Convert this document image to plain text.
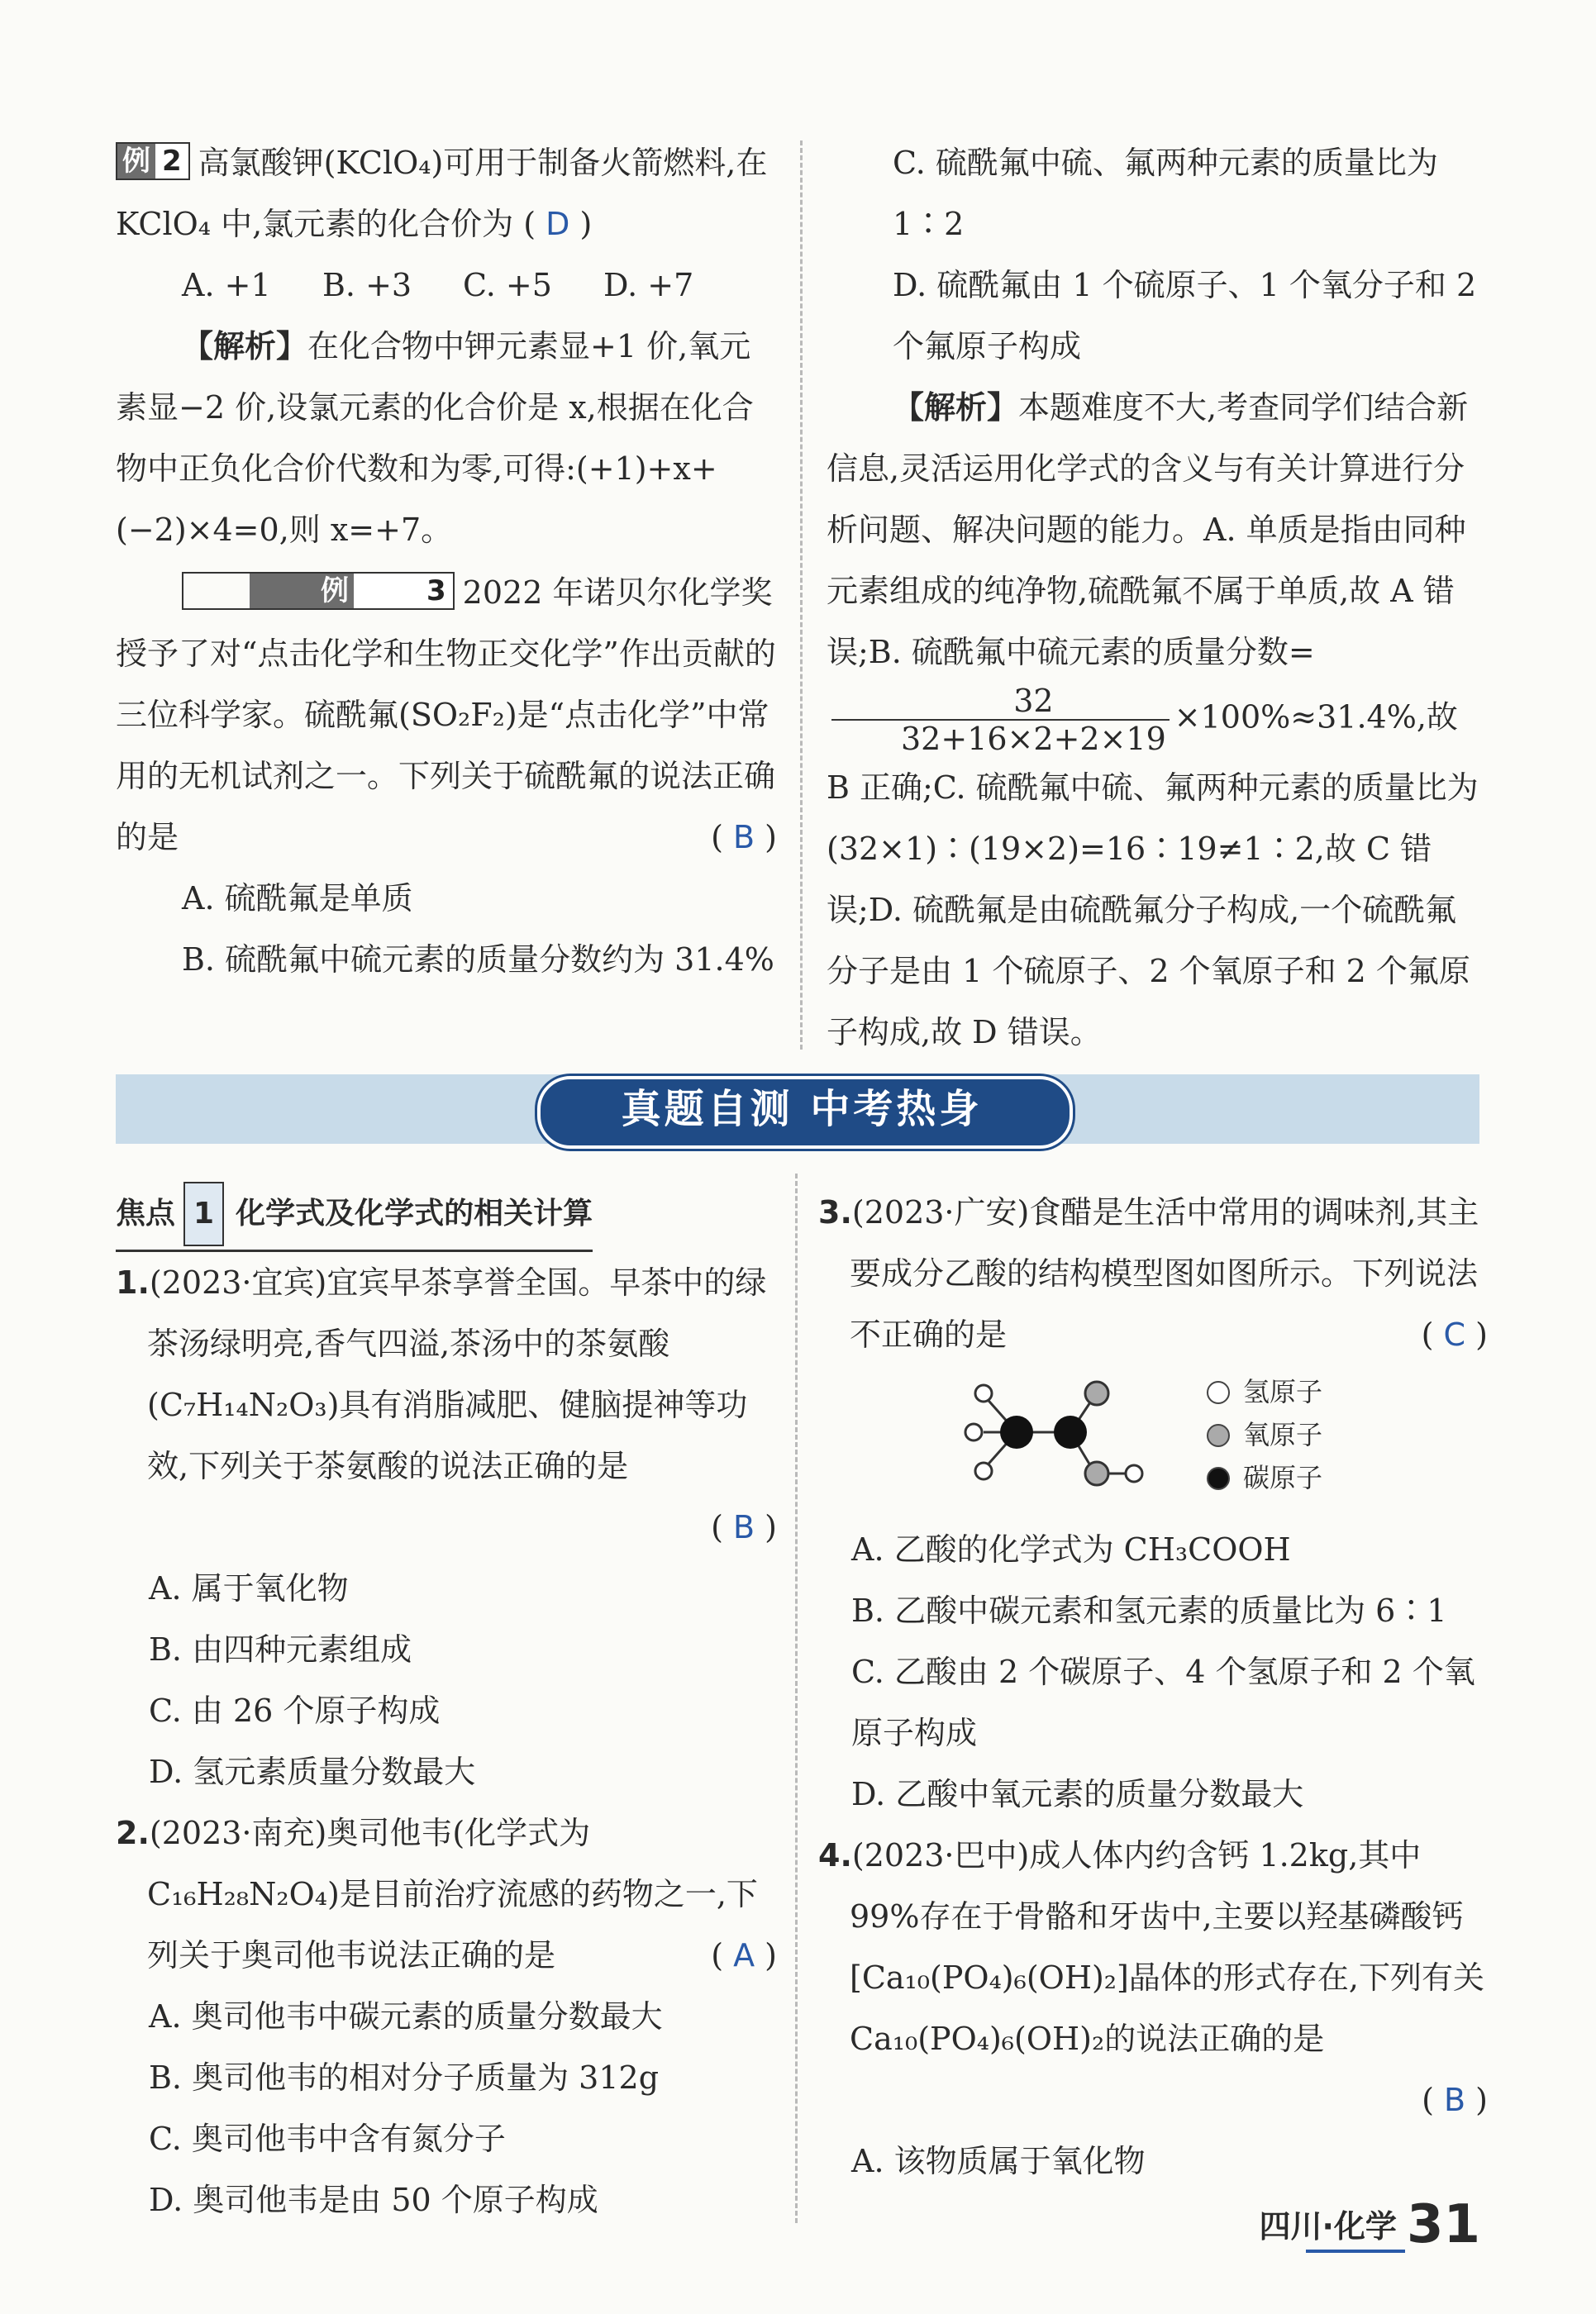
例 2 高氯酸钾(KClO₄)可用于制备火箭燃料,在 KClO₄ 中,氯元素的化合价为 ( D )

A. +1 B. +3 C. +5 D. +7

【解析】在化合物中钾元素显+1 价,氧元素显−2 价,设氯元素的化合价是 x,根据在化合物中正负化合价代数和为零,可得:(+1)+x+(−2)×4=0,则 x=+7。

例	3 2022 年诺贝尔化学奖授予了对“点击化学和生物正交化学”作出贡献的三位科学家。硫酰氟(SO₂F₂)是“点击化学”中常用的无机试剂之一。下列关于硫酰氟的说法正确的是	( B )

A. 硫酰氟是单质

B. 硫酰氟中硫元素的质量分数约为 31.4%

C. 硫酰氟中硫、氟两种元素的质量比为 1∶2

D. 硫酰氟由 1 个硫原子、1 个氧分子和 2 个氟原子构成

【解析】本题难度不大,考查同学们结合新信息,灵活运用化学式的含义与有关计算进行分析问题、解决问题的能力。A. 单质是指由同种元素组成的纯净物,硫酰氟不属于单质,故 A 错误;B. 硫酰氟中硫元素的质量分数=
$\frac{32}{32+16\times 2+2\times 19} \times 100\%\approx 31.4\%$,故 B 正确;C. 硫酰氟中硫、氟两种元素的质量比为(32×1)∶(19×2)=16∶19≠1∶2,故 C 错误;D. 硫酰氟是由硫酰氟分子构成,一个硫酰氟分子是由 1 个硫原子、2 个氧原子和 2 个氟原子构成,故 D 错误。

真题自测 中考热身

焦点 1 化学式及化学式的相关计算

1.(2023·宜宾)宜宾早茶享誉全国。早茶中的绿茶汤绿明亮,香气四溢,茶汤中的茶氨酸(C₇H₁₄N₂O₃)具有消脂减肥、健脑提神等功效,下列关于茶氨酸的说法正确的是

( B )

A. 属于氧化物

B. 由四种元素组成

C. 由 26 个原子构成

D. 氢元素质量分数最大

2.(2023·南充)奥司他韦(化学式为 C₁₆H₂₈N₂O₄)是目前治疗流感的药物之一,下列关于奥司他韦说法正确的是	( A )

A. 奥司他韦中碳元素的质量分数最大

B. 奥司他韦的相对分子质量为 312g

C. 奥司他韦中含有氮分子

D. 奥司他韦是由 50 个原子构成

3.(2023·广安)食醋是生活中常用的调味剂,其主要成分乙酸的结构模型图如图所示。下列说法不正确的是	( C )

氢原子
氧原子
碳原子

A. 乙酸的化学式为 CH₃COOH

B. 乙酸中碳元素和氢元素的质量比为 6∶1

C. 乙酸由 2 个碳原子、4 个氢原子和 2 个氧原子构成

D. 乙酸中氧元素的质量分数最大

4.(2023·巴中)成人体内约含钙 1.2kg,其中 99%存在于骨骼和牙齿中,主要以羟基磷酸钙[Ca₁₀(PO₄)₆(OH)₂]晶体的形式存在,下列有关 Ca₁₀(PO₄)₆(OH)₂的说法正确的是

( B )

A. 该物质属于氧化物

四川·化学 31
